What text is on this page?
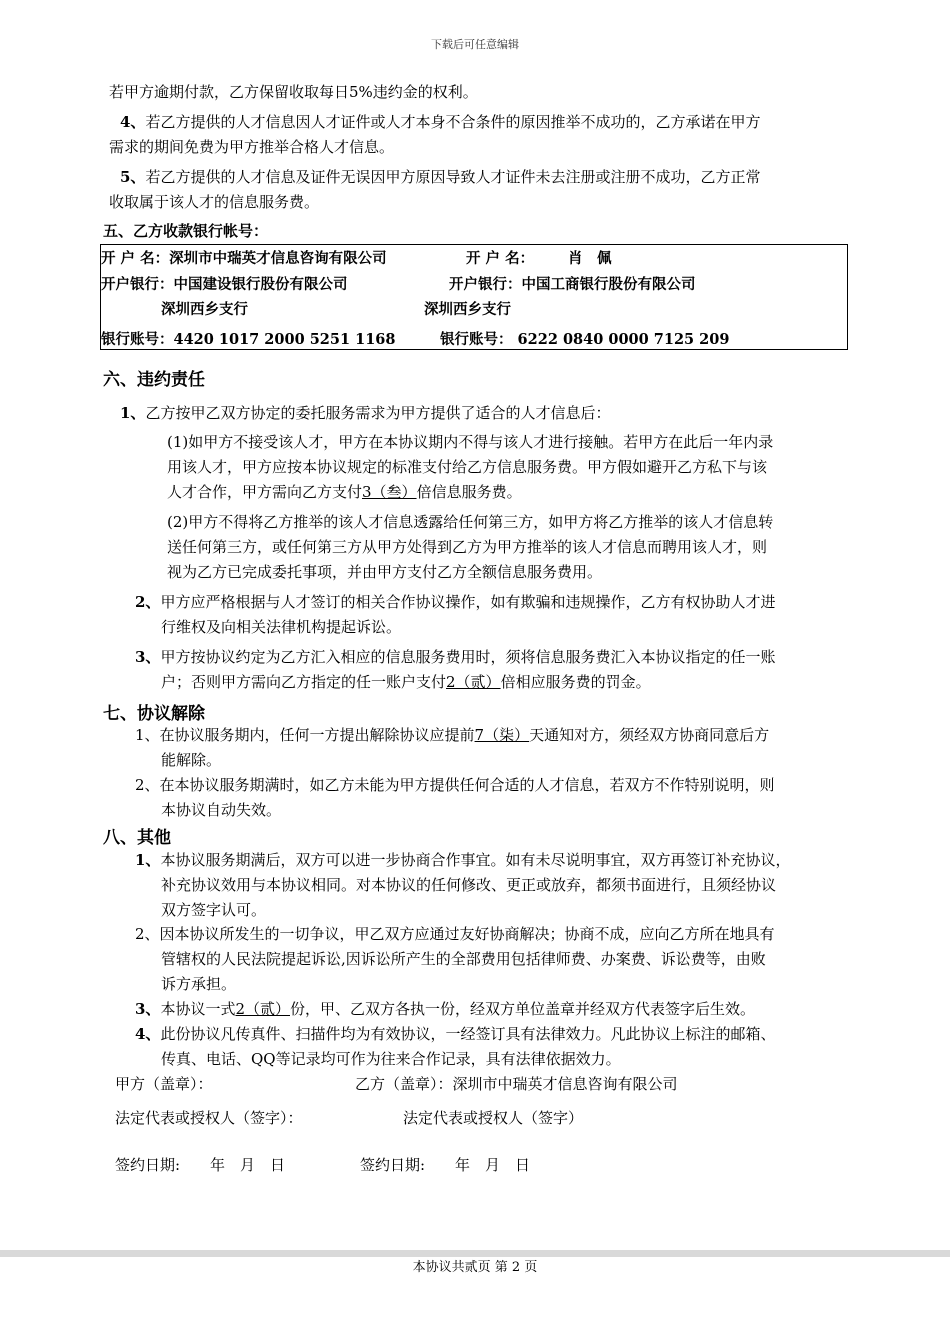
下载后可任意编辑
若甲方逾期付款，乙方保留收取每日5%违约金的权利。
4、若乙方提供的人才信息因人才证件或人才本身不合条件的原因推举不成功的，乙方承诺在甲方
需求的期间免费为甲方推举合格人才信息。
5、若乙方提供的人才信息及证件无误因甲方原因导致人才证件未去注册或注册不成功，乙方正常
收取属于该人才的信息服务费。
五、乙方收款银行帐号：
开 户 名：深圳市中瑞英才信息咨询有限公司	开 户 名： 肖　佩
开户银行：中国建设银行股份有限公司	开户银行：中国工商银行股份有限公司
深圳西乡支行	深圳西乡支行
银行账号：4420 1017 2000 5251 1168	银行账号： 6222 0840 0000 7125 209
六、违约责任
1、乙方按甲乙双方协定的委托服务需求为甲方提供了适合的人才信息后：
(1)如甲方不接受该人才，甲方在本协议期内不得与该人才进行接触。若甲方在此后一年内录
用该人才，甲方应按本协议规定的标准支付给乙方信息服务费。甲方假如避开乙方私下与该
人才合作，甲方需向乙方支付3（叁）倍信息服务费。
(2)甲方不得将乙方推举的该人才信息透露给任何第三方，如甲方将乙方推举的该人才信息转
送任何第三方，或任何第三方从甲方处得到乙方为甲方推举的该人才信息而聘用该人才，则
视为乙方已完成委托事项，并由甲方支付乙方全额信息服务费用。
2、甲方应严格根据与人才签订的相关合作协议操作，如有欺骗和违规操作，乙方有权协助人才进
行维权及向相关法律机构提起诉讼。
3、甲方按协议约定为乙方汇入相应的信息服务费用时，须将信息服务费汇入本协议指定的任一账
户；否则甲方需向乙方指定的任一账户支付2（贰）倍相应服务费的罚金。
七、协议解除
1、在协议服务期内，任何一方提出解除协议应提前7（柒）天通知对方，须经双方协商同意后方
能解除。
2、在本协议服务期满时，如乙方未能为甲方提供任何合适的人才信息，若双方不作特别说明，则
本协议自动失效。
八、其他
1、本协议服务期满后，双方可以进一步协商合作事宜。如有未尽说明事宜，双方再签订补充协议，
补充协议效用与本协议相同。对本协议的任何修改、更正或放弃，都须书面进行，且须经协议
双方签字认可。
2、因本协议所发生的一切争议，甲乙双方应通过友好协商解决；协商不成，应向乙方所在地具有
管辖权的人民法院提起诉讼,因诉讼所产生的全部费用包括律师费、办案费、诉讼费等，由败
诉方承担。
3、本协议一式2（贰）份，甲、乙双方各执一份，经双方单位盖章并经双方代表签字后生效。
4、此份协议凡传真件、扫描件均为有效协议，一经签订具有法律效力。凡此协议上标注的邮箱、
传真、电话、QQ等记录均可作为往来合作记录，具有法律依据效力。
甲方（盖章）：	乙方（盖章）：深圳市中瑞英才信息咨询有限公司
法定代表或授权人（签字）：	法定代表或授权人（签字）
签约日期:　　年　月　日	签约日期:　　年　月　日
本协议共贰页 第 2 页
